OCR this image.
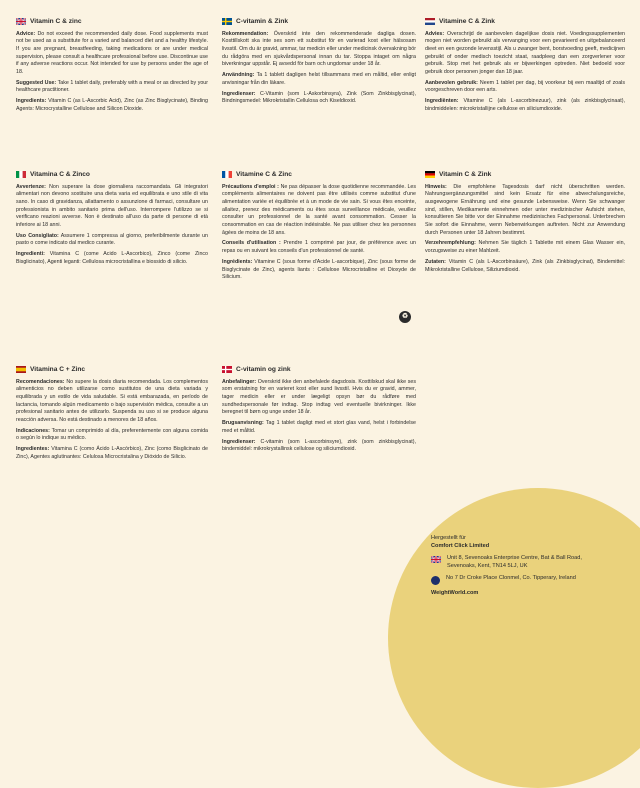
Vitamin C & zinc

Advice: Do not exceed the recommended daily dose. Food supplements must not be used as a substitute for a varied and balanced diet and a healthy lifestyle. If you are pregnant, breastfeeding, taking medications or are under medical supervision, please consult a healthcare professional before use. Discontinue use if any adverse reactions occur. Not intended for use by persons under the age of 18.

Suggested Use: Take 1 tablet daily, preferably with a meal or as directed by your healthcare practitioner.

Ingredients: Vitamin C (as L-Ascorbic Acid), Zinc (as Zinc Bisglycinate), Binding Agents: Microcrystalline Cellulose and Silicon Dioxide.

C-vitamin & Zink

Rekommendation: Överskrid inte den rekommenderade dagliga dosen. Kosttillskott ska inte ses som ett substitut för en varierad kost eller hälsosam livsstil. Om du är gravid, ammar, tar medicin eller under medicinsk övervakning bör du rådgöra med en sjukvårdspersonal innan du tar. Stoppa intaget om några biverkningar uppstår. Ej avsedd för barn och ungdomar under 18 år.

Användning: Ta 1 tablett dagligen helst tillsammans med en måltid, eller enligt anvisningar från din läkare.

Ingredienser: C-Vitamin (som L-Askorbinsyra), Zink (Som Zinkbisglycinat), Bindningsmedel: Mikrokristallin Cellulosa och Kiseldioxid.

Vitamine C & Zink

Advies: Overschrijd de aanbevolen dagelijkse dosis niet. Voedingssupplementen mogen niet worden gebruikt als vervanging voor een gevarieerd en uitgebalanceerd dieet en een gezonde levensstijl. Als u zwanger bent, borstvoeding geeft, medicijnen gebruikt of onder medisch toezicht staat, raadpleeg dan een zorgverlener voor gebruik. Stop met het gebruik als er bijwerkingen optreden. Niet bedoeld voor gebruik door personen jonger dan 18 jaar.

Aanbevolen gebruik: Neem 1 tablet per dag, bij voorkeur bij een maaltijd of zoals voorgeschreven door een arts.

Ingrediënten: Vitamine C (als L-ascorbinezuur), zink (als zinkbisglycinaat), bindmiddelen: microkristallijne cellulose en siliciumdioxide.

Vitamina C & Zinco

Avvertenze: Non superare la dose giornaliera raccomandata. Gli integratori alimentari non devono sostituire una dieta varia ed equilibrata e uno stile di vita sano. In caso di gravidanza, allattamento o assunzione di farmaci, consultare un professionista in ambito sanitario prima dell'uso. Interrompere l'utilizzo se si verificano reazioni avverse. Non è destinato all'uso da parte di persone di età inferiore ai 18 anni.

Uso Consigliato: Assumere 1 compressa al giorno, preferibilmente durante un pasto o come indicato dal medico curante.

Ingredienti: Vitamina C (come Acido L-Ascorbico), Zinco (come Zinco Bisglicinato), Agenti leganti: Cellulosa microcristallina e biossido di silicio.

Vitamine C & Zinc

Précautions d'emploi : Ne pas dépasser la dose quotidienne recommandée. Les compléments alimentaires ne doivent pas être utilisés comme substitut d'une alimentation variée et équilibrée et à un mode de vie sain. Si vous êtes enceinte, allaitez, prenez des médicaments ou êtes sous surveillance médicale, veuillez consulter un professionnel de la santé avant consommation. Cesser la consommation en cas de réaction indésirable. Ne pas utiliser chez les personnes âgées de moins de 18 ans.

Conseils d'utilisation : Prendre 1 comprimé par jour, de préférence avec un repas ou en suivant les conseils d'un professionnel de santé.

Ingrédients: Vitamine C (sous forme d'Acide L-ascorbique), Zinc (sous forme de Bisglycinate de Zinc), agents liants : Cellulose Microcristalline et Dioxyde de Silicium.

♻
Vitamin C & Zink

Hinweis: Die empfohlene Tagesdosis darf nicht überschritten werden. Nahrungsergänzungsmittel sind kein Ersatz für eine abwechslungsreiche, ausgewogene Ernährung und eine gesunde Lebensweise. Wenn Sie schwanger sind, stillen, Medikamente einnehmen oder unter medizinischer Aufsicht stehen, konsultieren Sie bitte vor der Einnahme medizinisches Fachpersonal. Unterbrechen Sie sofort die Einnahme, wenn Nebenwirkungen auftreten. Nicht zur Anwendung durch Personen unter 18 Jahren bestimmt.

Verzehrempfehlung: Nehmen Sie täglich 1 Tablette mit einem Glas Wasser ein, vorzugsweise zu einer Mahlzeit.

Zutaten: Vitamin C (als L-Ascorbinsäure), Zink (als Zinkbisglycinat), Bindemittel: Mikrokristalline Cellulose, Siliziumdioxid.

Vitamina C + Zinc

Recomendaciones: No supere la dosis diaria recomendada. Los complementos alimenticios no deben utilizarse como sustitutos de una dieta variada y equilibrada y un estilo de vida saludable. Si está embarazada, en período de lactancia, tomando algún medicamento o bajo supervisión médica, consulte a un profesional sanitario antes de utilizarlo. Suspenda su uso si se produce alguna reacción adversa. No está destinado a menores de 18 años.

Indicaciones: Tomar un comprimido al día, preferentemente con alguna comida o según lo indique su médico.

Ingredientes: Vitamina C (como Ácido L-Ascórbico), Zinc (como Bisglicinato de Zinc), Agentes aglutinantes: Celulosa Microcristalina y Dióxido de Silicio.

C-vitamin og zink

Anbefalinger: Overskrid ikke den anbefalede dagsdosis. Kosttilskud skal ikke ses som erstatning for en varieret kost eller sund livsstil. Hvis du er gravid, ammer, tager medicin eller er under lægeligt opsyn bør du rådføre med sundhedspersonale før indtag. Stop indtag ved eventuelle bivirkninger. Ikke beregnet til børn og unge under 18 år.

Brugsanvisning: Tag 1 tablet dagligt med et stort glas vand, helst i forbindelse med et måltid.

Ingredienser: C-vitamin (som L-ascorbinsyre), zink (som zinkbisglycinat), bindemiddel: mikrokrystallinsk cellulose og siliciumdioxid.

Hergestellt für
Comfort Click Limited
Unit 8, Sevenoaks Enterprise Centre, Bat & Ball Road, Sevenoaks, Kent, TN14 5LJ, UK
No 7 Dr Croke Place Clonmel, Co. Tipperary, Ireland
WeightWorld.com
